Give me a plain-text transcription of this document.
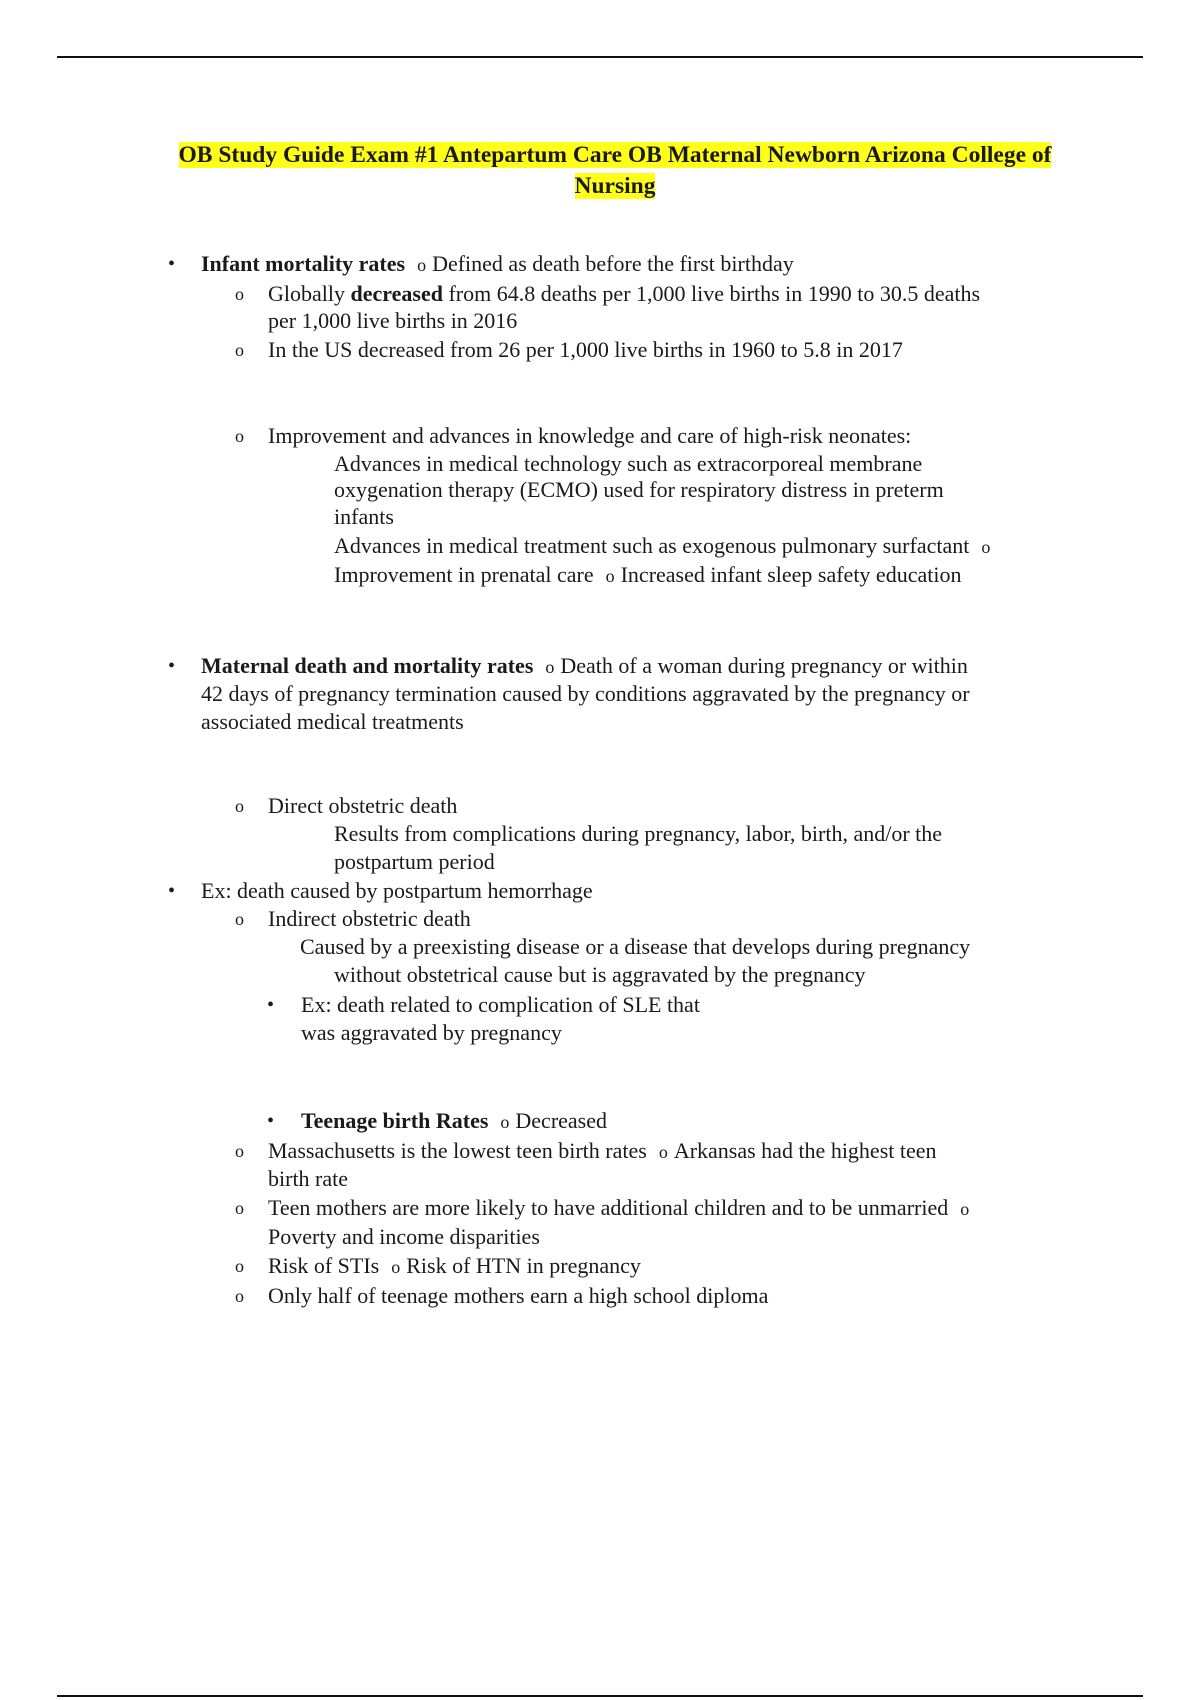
OB Study Guide Exam #1 Antepartum Care OB Maternal Newborn Arizona College of Nursing
• Infant mortality rates o Defined as death before the first birthday
o Globally decreased from 64.8 deaths per 1,000 live births in 1990 to 30.5 deaths
per 1,000 live births in 2016
o In the US decreased from 26 per 1,000 live births in 1960 to 5.8 in 2017
o Improvement and advances in knowledge and care of high-risk neonates:
Advances in medical technology such as extracorporeal membrane
oxygenation therapy (ECMO) used for respiratory distress in preterm
infants
Advances in medical treatment such as exogenous pulmonary surfactant o
Improvement in prenatal care o Increased infant sleep safety education
• Maternal death and mortality rates o Death of a woman during pregnancy or within
42 days of pregnancy termination caused by conditions aggravated by the pregnancy or
associated medical treatments
o Direct obstetric death
Results from complications during pregnancy, labor, birth, and/or the
postpartum period
• Ex: death caused by postpartum hemorrhage
o Indirect obstetric death
Caused by a preexisting disease or a disease that develops during pregnancy
without obstetrical cause but is aggravated by the pregnancy
• Ex: death related to complication of SLE that
was aggravated by pregnancy
• Teenage birth Rates o Decreased
o Massachusetts is the lowest teen birth rates o Arkansas had the highest teen
birth rate
o Teen mothers are more likely to have additional children and to be unmarried o
Poverty and income disparities
o Risk of STIs o Risk of HTN in pregnancy
o Only half of teenage mothers earn a high school diploma
